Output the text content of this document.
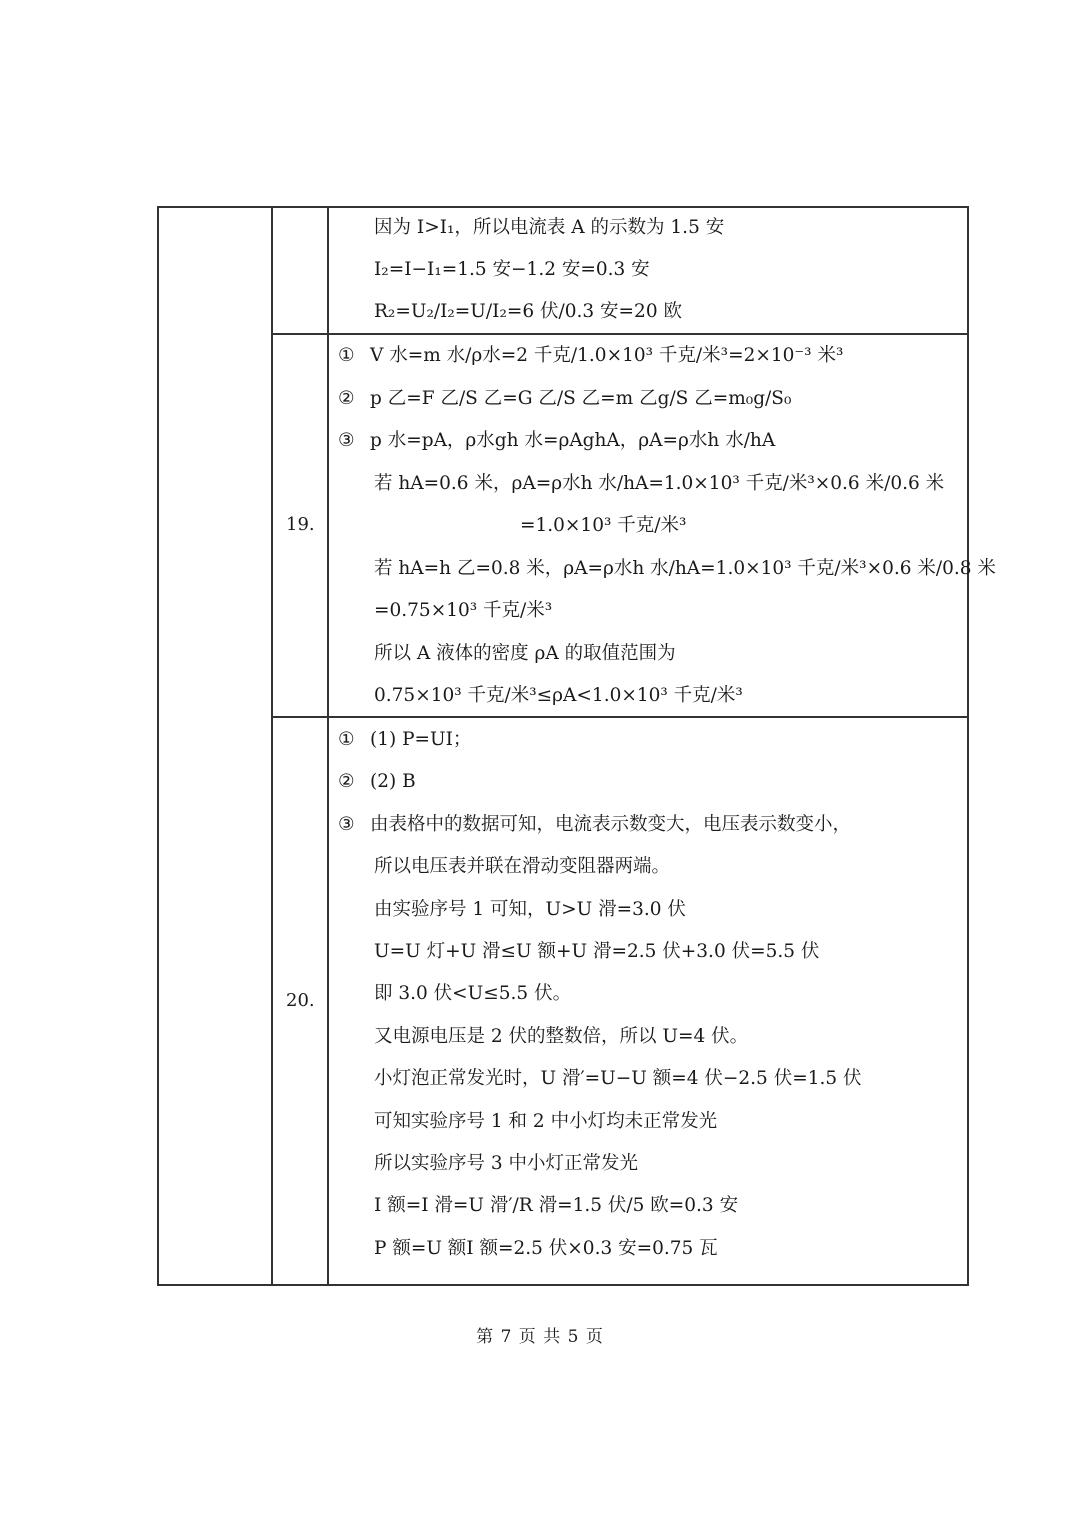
19.
20.
因为 I>I₁，所以电流表 A 的示数为 1.5 安
I₂=I−I₁=1.5 安−1.2 安=0.3 安
R₂=U₂/I₂=U/I₂=6 伏/0.3 安=20 欧
① V 水=m 水/ρ水=2 千克/1.0×10³ 千克/米³=2×10⁻³ 米³
② p 乙=F 乙/S 乙=G 乙/S 乙=m 乙g/S 乙=m₀g/S₀
③ p 水=pA，ρ水gh 水=ρAghA，ρA=ρ水h 水/hA
若 hA=0.6 米，ρA=ρ水h 水/hA=1.0×10³ 千克/米³×0.6 米/0.6 米
=1.0×10³ 千克/米³
若 hA=h 乙=0.8 米，ρA=ρ水h 水/hA=1.0×10³ 千克/米³×0.6 米/0.8 米
=0.75×10³ 千克/米³
所以 A 液体的密度 ρA 的取值范围为
0.75×10³ 千克/米³≤ρA<1.0×10³ 千克/米³
① (1) P=UI；
② (2) B
③ 由表格中的数据可知，电流表示数变大，电压表示数变小，
所以电压表并联在滑动变阻器两端。
由实验序号 1 可知，U>U 滑=3.0 伏
U=U 灯+U 滑≤U 额+U 滑=2.5 伏+3.0 伏=5.5 伏
即 3.0 伏<U≤5.5 伏。
又电源电压是 2 伏的整数倍，所以 U=4 伏。
小灯泡正常发光时，U 滑′=U−U 额=4 伏−2.5 伏=1.5 伏
可知实验序号 1 和 2 中小灯均未正常发光
所以实验序号 3 中小灯正常发光
I 额=I 滑=U 滑′/R 滑=1.5 伏/5 欧=0.3 安
P 额=U 额I 额=2.5 伏×0.3 安=0.75 瓦
第 7 页 共 5 页
